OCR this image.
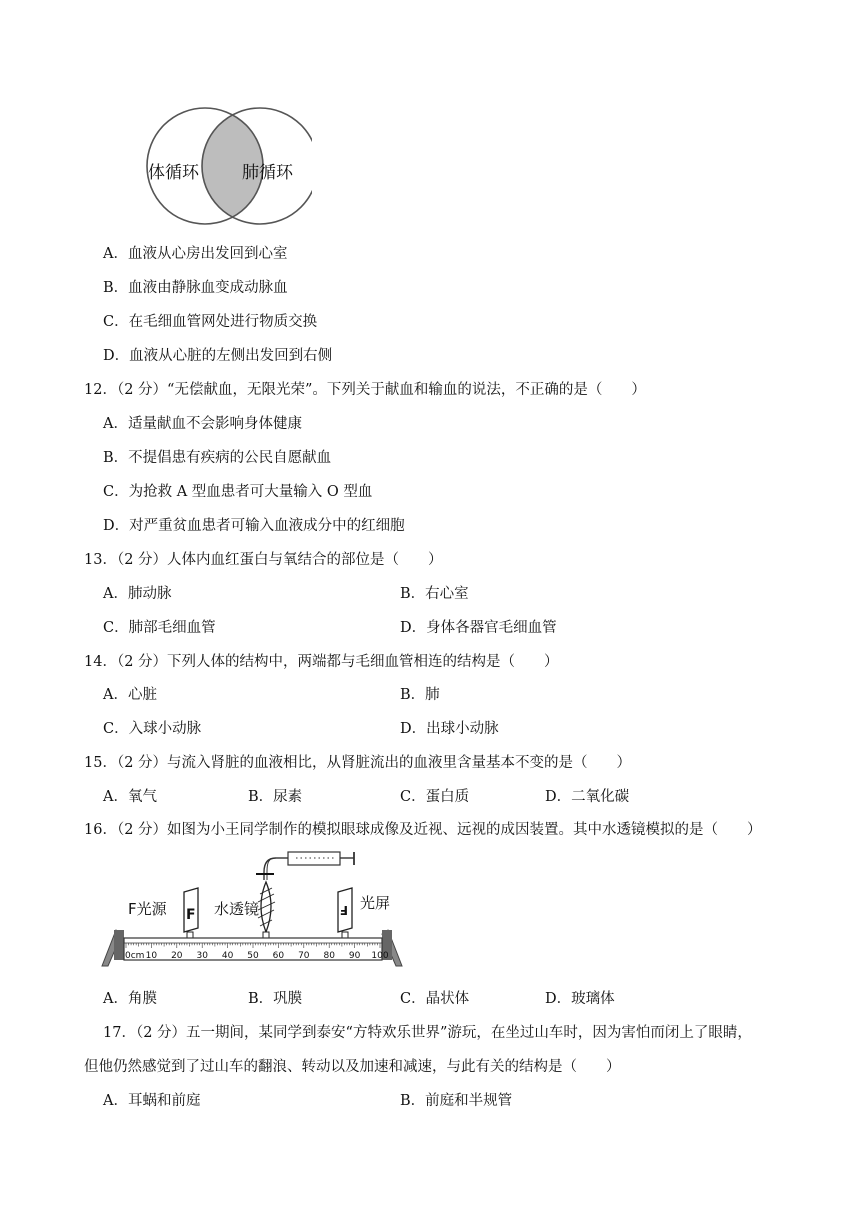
体循环	肺循环
A．血液从心房出发回到心室
B．血液由静脉血变成动脉血
C．在毛细血管网处进行物质交换
D．血液从心脏的左侧出发回到右侧
12．（2 分）“无偿献血，无限光荣”。下列关于献血和输血的说法，不正确的是（　　）
A．适量献血不会影响身体健康
B．不提倡患有疾病的公民自愿献血
C．为抢救 A 型血患者可大量输入 O 型血
D．对严重贫血患者可输入血液成分中的红细胞
13．（2 分）人体内血红蛋白与氧结合的部位是（　　）
A．肺动脉	B．右心室
C．肺部毛细血管	D．身体各器官毛细血管
14．（2 分）下列人体的结构中，两端都与毛细血管相连的结构是（　　）
A．心脏	B．肺
C．入球小动脉	D．出球小动脉
15．（2 分）与流入肾脏的血液相比，从肾脏流出的血液里含量基本不变的是（　　）
A．氧气	B．尿素	C．蛋白质	D．二氧化碳
16．（2 分）如图为小王同学制作的模拟眼球成像及近视、远视的成因装置。其中水透镜模拟的是（　　）
F	F
F光源	水透镜	光屏
0cm 10 20 30 40 50 60 70 80 90 100
A．角膜	B．巩膜	C．晶状体	D．玻璃体
17．（2 分）五一期间，某同学到泰安“方特欢乐世界”游玩，在坐过山车时，因为害怕而闭上了眼睛，
但他仍然感觉到了过山车的翻浪、转动以及加速和减速，与此有关的结构是（　　）
A．耳蜗和前庭	B．前庭和半规管
